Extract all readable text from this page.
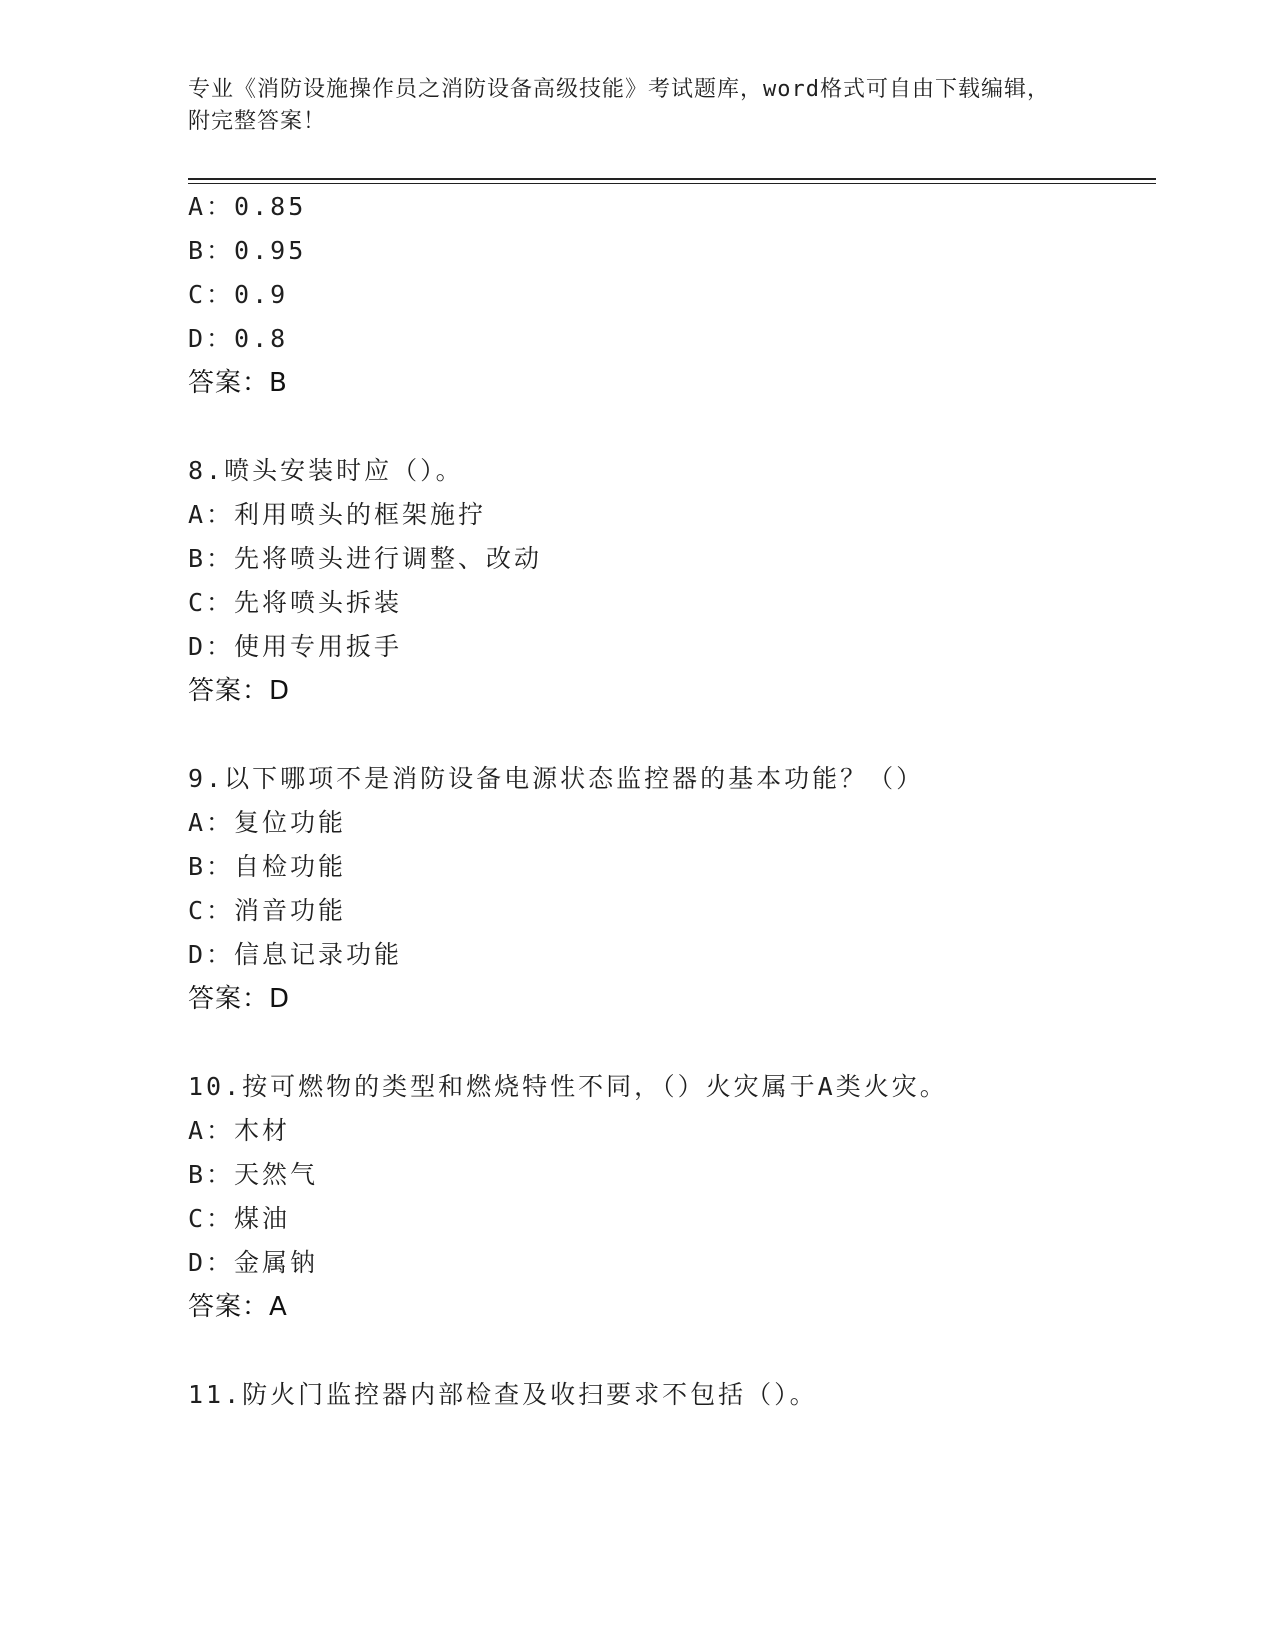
专业《消防设施操作员之消防设备高级技能》考试题库，word格式可自由下载编辑，附完整答案！
A：0.85
B：0.95
C：0.9
D：0.8
答案：B
8.喷头安装时应（）。
A：利用喷头的框架施拧
B：先将喷头进行调整、改动
C：先将喷头拆装
D：使用专用扳手
答案：D
9.以下哪项不是消防设备电源状态监控器的基本功能？（）
A：复位功能
B：自检功能
C：消音功能
D：信息记录功能
答案：D
10.按可燃物的类型和燃烧特性不同，（）火灾属于A类火灾。
A：木材
B：天然气
C：煤油
D：金属钠
答案：A
11.防火门监控器内部检查及收扫要求不包括（）。
